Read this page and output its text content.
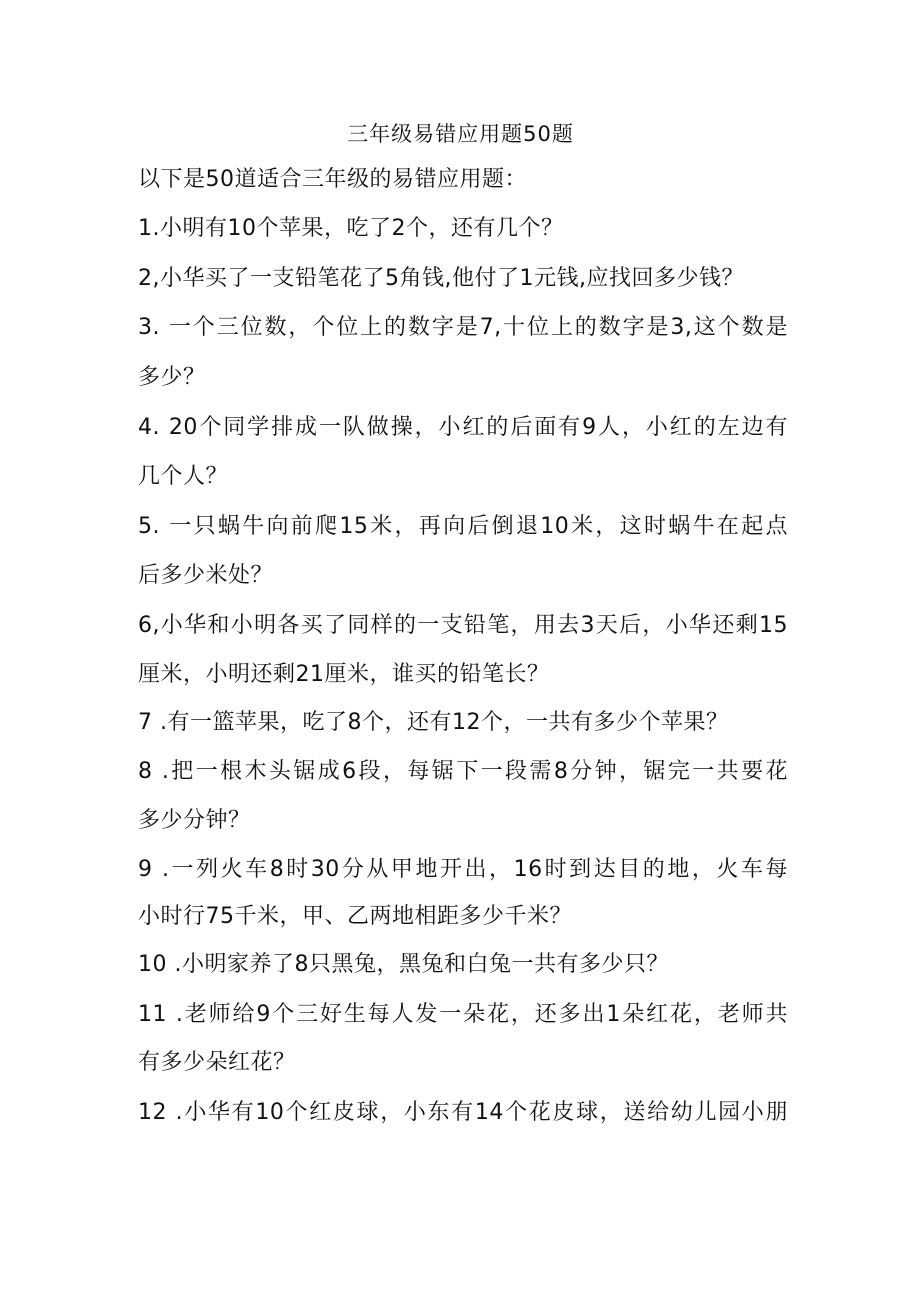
三年级易错应用题50题
以下是50道适合三年级的易错应用题：
1.小明有10个苹果，吃了2个，还有几个？
2,小华买了一支铅笔花了5角钱,他付了1元钱,应找回多少钱？
3. 一个三位数，个位上的数字是7,十位上的数字是3,这个数是
多少？
4. 20个同学排成一队做操，小红的后面有9人，小红的左边有
几个人？
5. 一只蜗牛向前爬15米，再向后倒退10米，这时蜗牛在起点
后多少米处？
6,小华和小明各买了同样的一支铅笔，用去3天后，小华还剩15
厘米，小明还剩21厘米，谁买的铅笔长？
7 .有一篮苹果，吃了8个，还有12个，一共有多少个苹果？
8 .把一根木头锯成6段，每锯下一段需8分钟，锯完一共要花
多少分钟？
9 .一列火车8时30分从甲地开出，16时到达目的地，火车每
小时行75千米，甲、乙两地相距多少千米？
10 .小明家养了8只黑兔，黑兔和白兔一共有多少只？
11 .老师给9个三好生每人发一朵花，还多出1朵红花，老师共
有多少朵红花？
12 .小华有10个红皮球，小东有14个花皮球，送给幼儿园小朋
